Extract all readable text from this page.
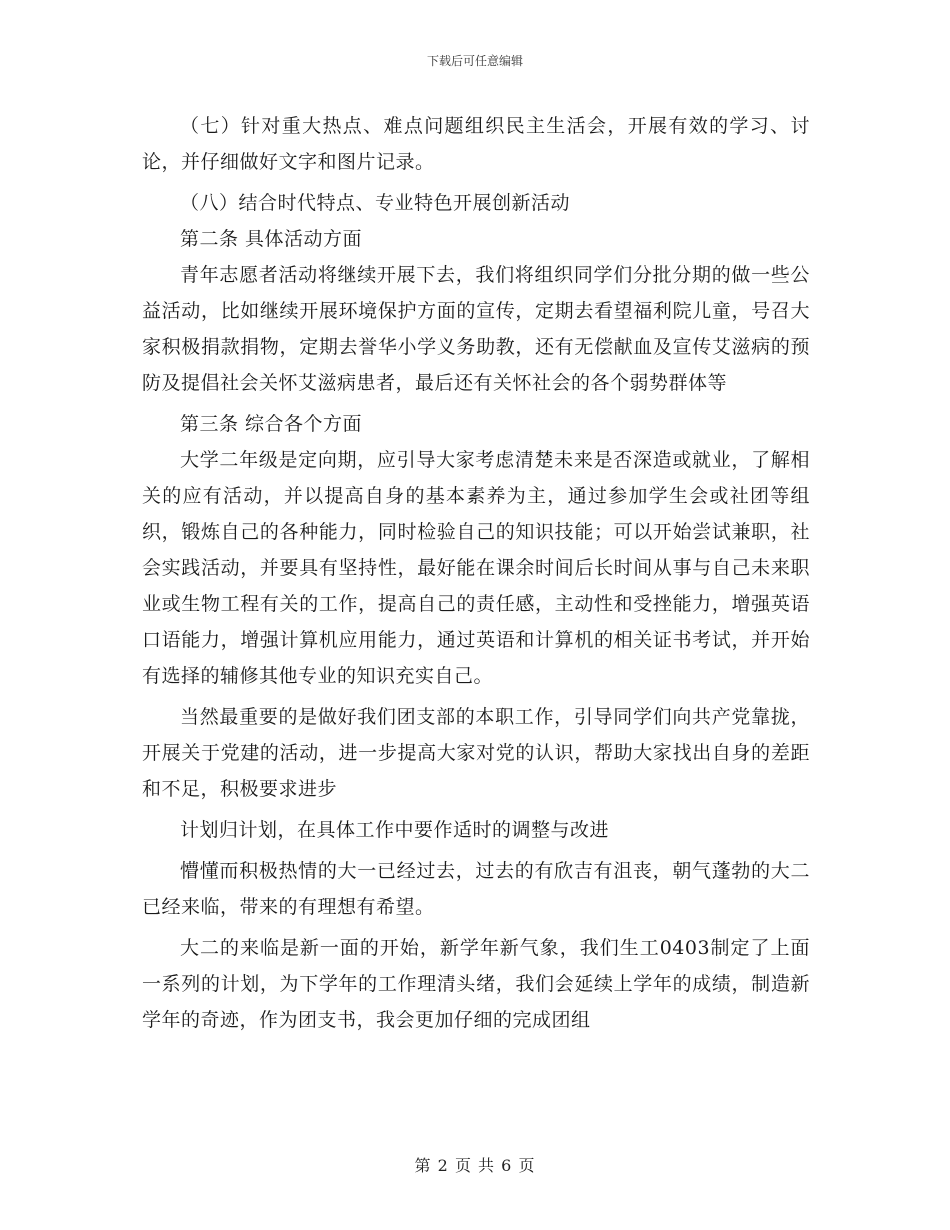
下载后可任意编辑

（七）针对重大热点、难点问题组织民主生活会，开展有效的学习、讨论，并仔细做好文字和图片记录。

（八）结合时代特点、专业特色开展创新活动

第二条 具体活动方面

青年志愿者活动将继续开展下去，我们将组织同学们分批分期的做一些公益活动，比如继续开展环境保护方面的宣传，定期去看望福利院儿童，号召大家积极捐款捐物，定期去誉华小学义务助教，还有无偿献血及宣传艾滋病的预防及提倡社会关怀艾滋病患者，最后还有关怀社会的各个弱势群体等

第三条 综合各个方面

大学二年级是定向期，应引导大家考虑清楚未来是否深造或就业，了解相关的应有活动，并以提高自身的基本素养为主，通过参加学生会或社团等组织，锻炼自己的各种能力，同时检验自己的知识技能；可以开始尝试兼职，社会实践活动，并要具有坚持性，最好能在课余时间后长时间从事与自己未来职业或生物工程有关的工作，提高自己的责任感，主动性和受挫能力，增强英语口语能力，增强计算机应用能力，通过英语和计算机的相关证书考试，并开始有选择的辅修其他专业的知识充实自己。

当然最重要的是做好我们团支部的本职工作，引导同学们向共产党靠拢，开展关于党建的活动，进一步提高大家对党的认识，帮助大家找出自身的差距和不足，积极要求进步

计划归计划，在具体工作中要作适时的调整与改进

懵懂而积极热情的大一已经过去，过去的有欣吉有沮丧，朝气蓬勃的大二已经来临，带来的有理想有希望。

大二的来临是新一面的开始，新学年新气象，我们生工0403制定了上面一系列的计划，为下学年的工作理清头绪，我们会延续上学年的成绩，制造新学年的奇迹，作为团支书，我会更加仔细的完成团组

第 2 页 共 6 页
